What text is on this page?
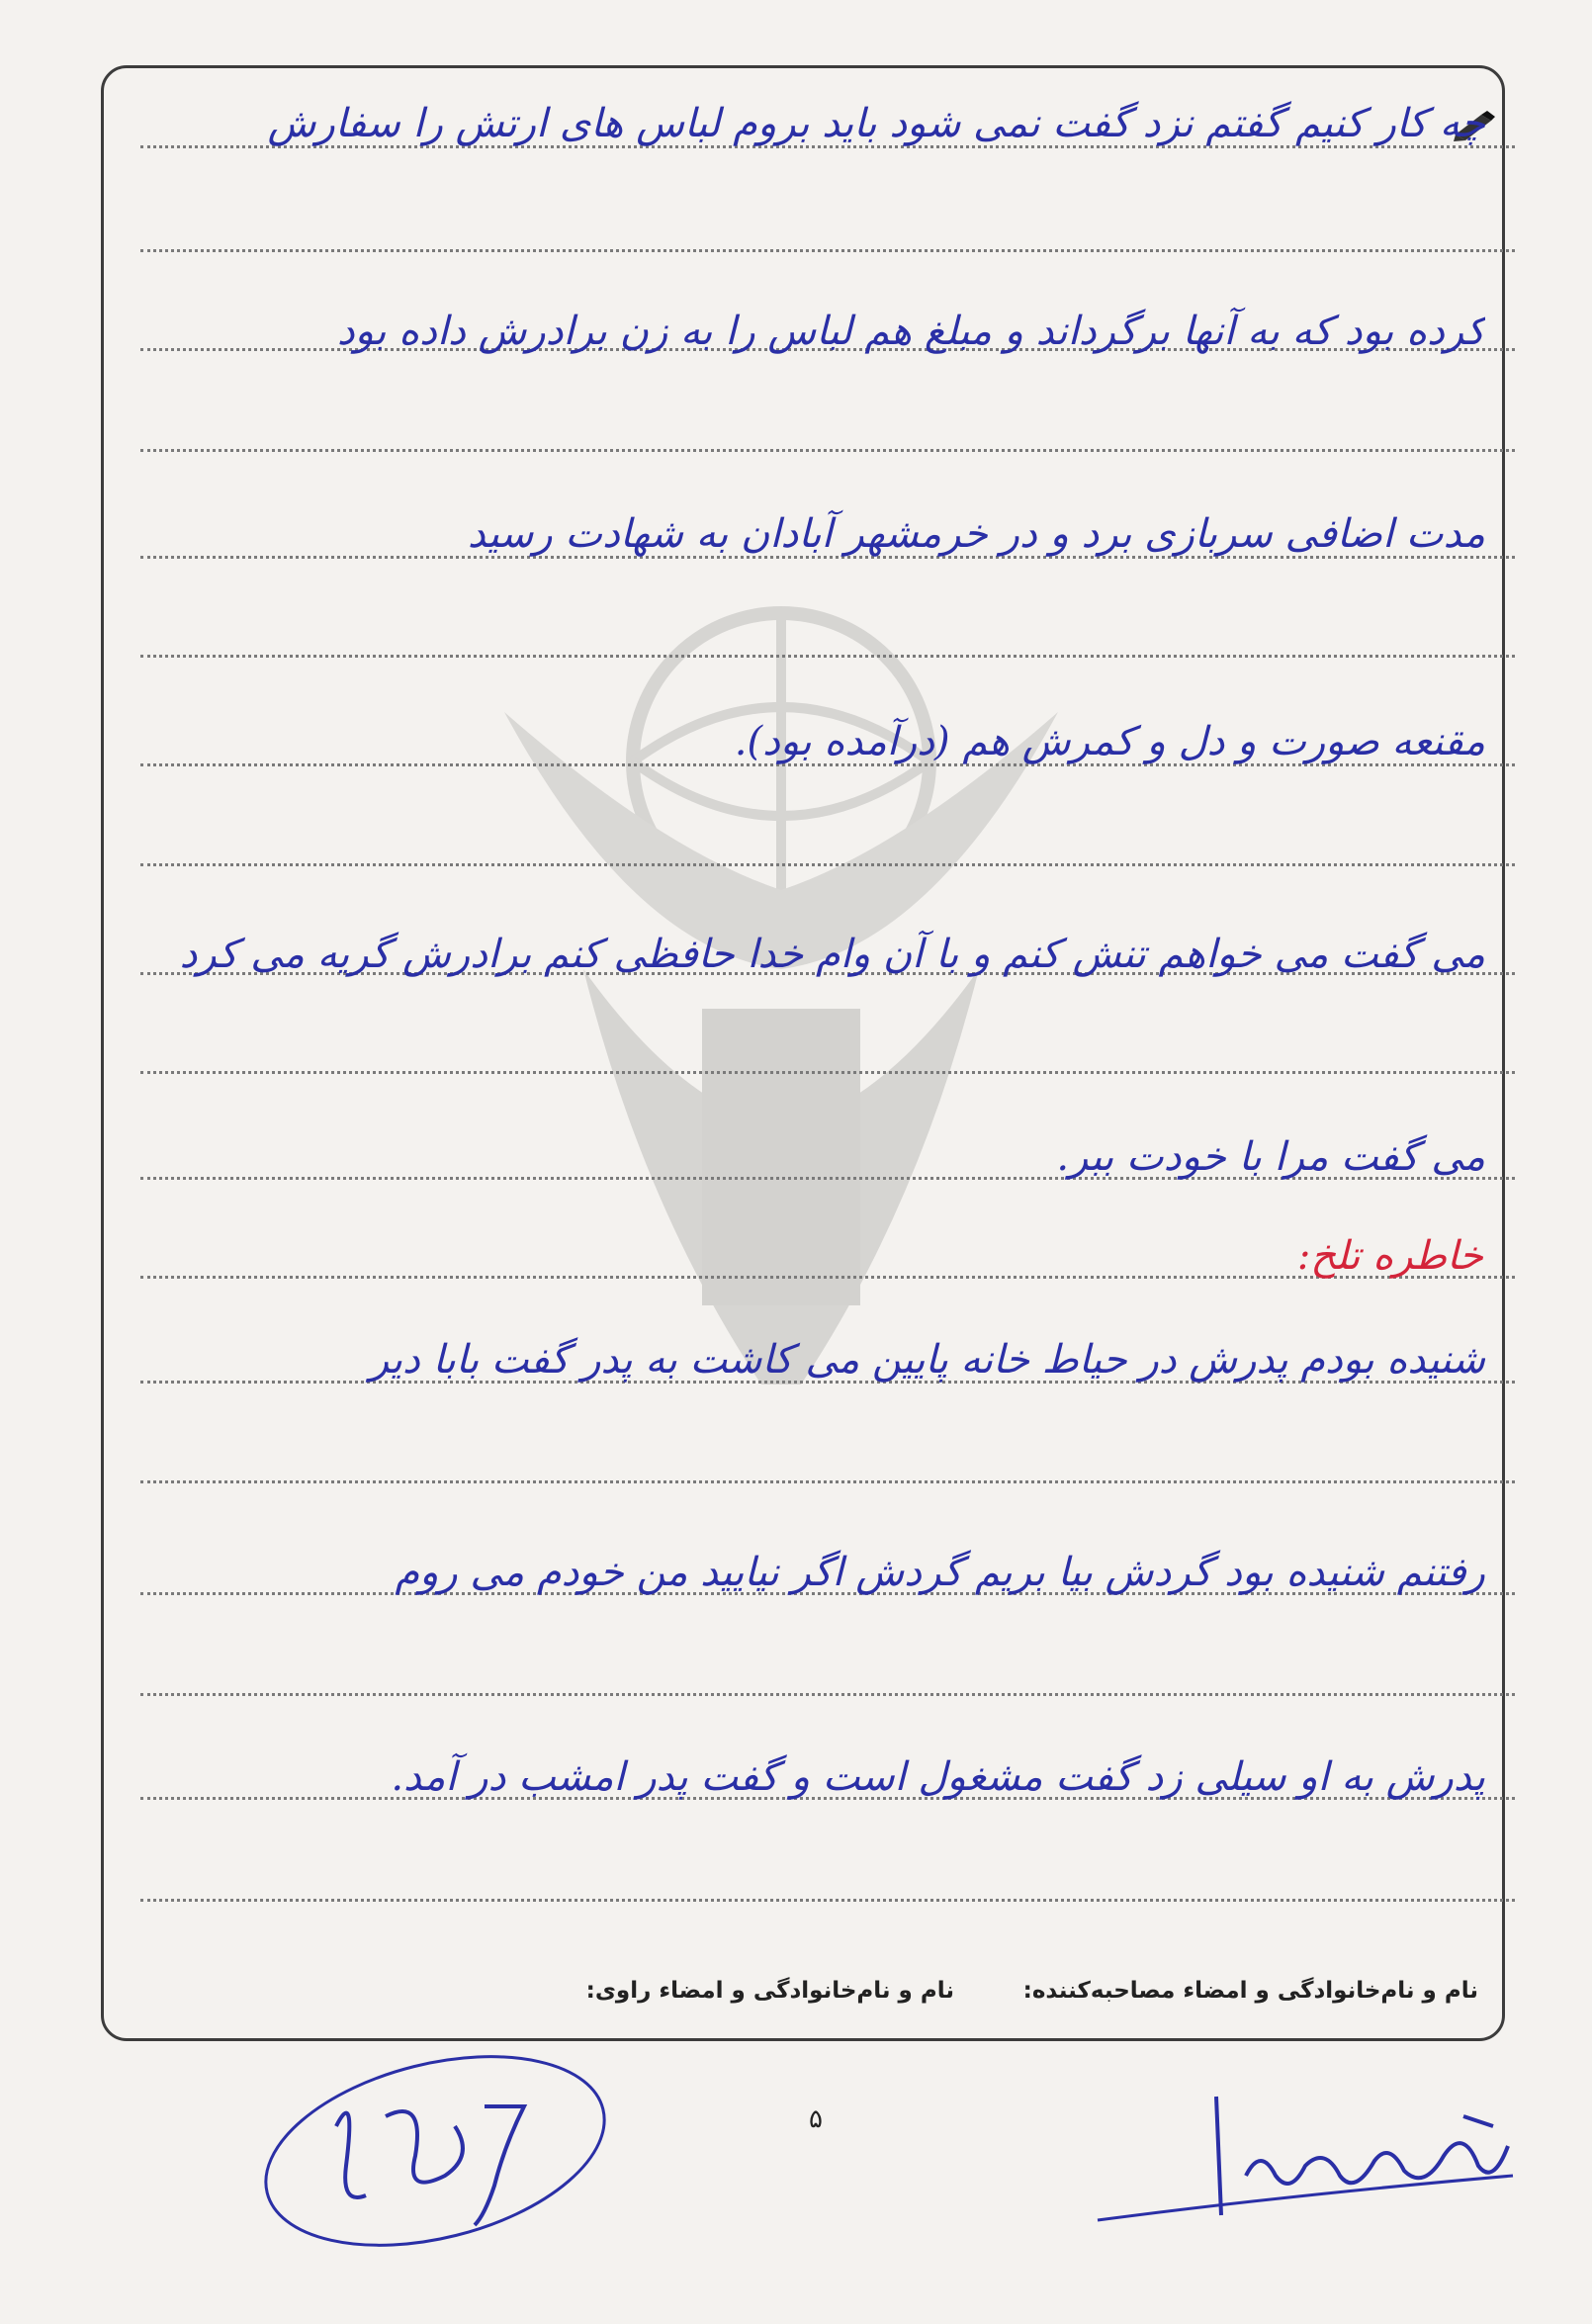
چه کار کنیم گفتم نزد گفت نمی شود باید بروم لباس های ارتش را سفارش
کرده بود که به آنها برگرداند و مبلغ هم لباس را به زن برادرش داده بود
مدت اضافی سربازی برد و در خرمشهر آبادان به شهادت رسید
مقنعه صورت و دل و کمرش هم (درآمده بود).
می گفت می خواهم تنش کنم و با آن وام خدا حافظی کنم برادرش گریه می کرد
می گفت مرا با خودت ببر.
خاطره تلخ:
شنیده بودم پدرش در حیاط خانه پایین می کاشت به پدر گفت بابا دیر
رفتنم شنیده بود گردش بیا بریم گردش اگر نیایید من خودم می روم
پدرش به او سیلی زد گفت مشغول است و گفت پدر امشب در آمد.
نام و نام‌خانوادگی و امضاء مصاحبه‌کننده:
نام و نام‌خانوادگی و امضاء راوی:
۵
